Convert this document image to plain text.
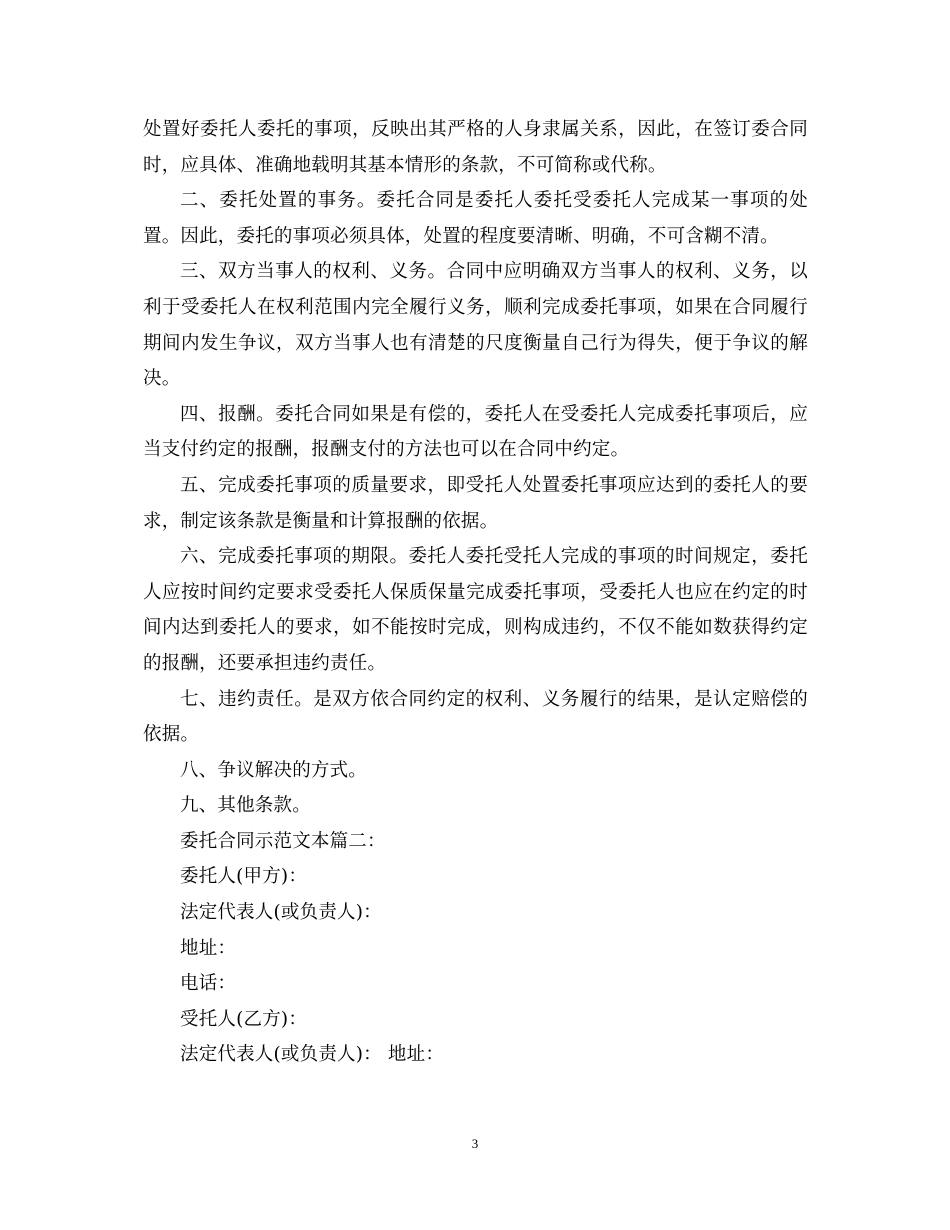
处置好委托人委托的事项，反映出其严格的人身隶属关系，因此，在签订委合同时，应具体、准确地载明其基本情形的条款，不可简称或代称。

二、委托处置的事务。委托合同是委托人委托受委托人完成某一事项的处置。因此，委托的事项必须具体，处置的程度要清晰、明确，不可含糊不清。

三、双方当事人的权利、义务。合同中应明确双方当事人的权利、义务，以利于受委托人在权利范围内完全履行义务，顺利完成委托事项，如果在合同履行期间内发生争议，双方当事人也有清楚的尺度衡量自己行为得失，便于争议的解决。

四、报酬。委托合同如果是有偿的，委托人在受委托人完成委托事项后，应当支付约定的报酬，报酬支付的方法也可以在合同中约定。

五、完成委托事项的质量要求，即受托人处置委托事项应达到的委托人的要求，制定该条款是衡量和计算报酬的依据。

六、完成委托事项的期限。委托人委托受托人完成的事项的时间规定，委托人应按时间约定要求受委托人保质保量完成委托事项，受委托人也应在约定的时间内达到委托人的要求，如不能按时完成，则构成违约，不仅不能如数获得约定的报酬，还要承担违约责任。

七、违约责任。是双方依合同约定的权利、义务履行的结果，是认定赔偿的依据。

八、争议解决的方式。

九、其他条款。

委托合同示范文本篇二：

委托人(甲方)：

法定代表人(或负责人)：

地址：

电话：

受托人(乙方)：

法定代表人(或负责人)： 地址：

3
